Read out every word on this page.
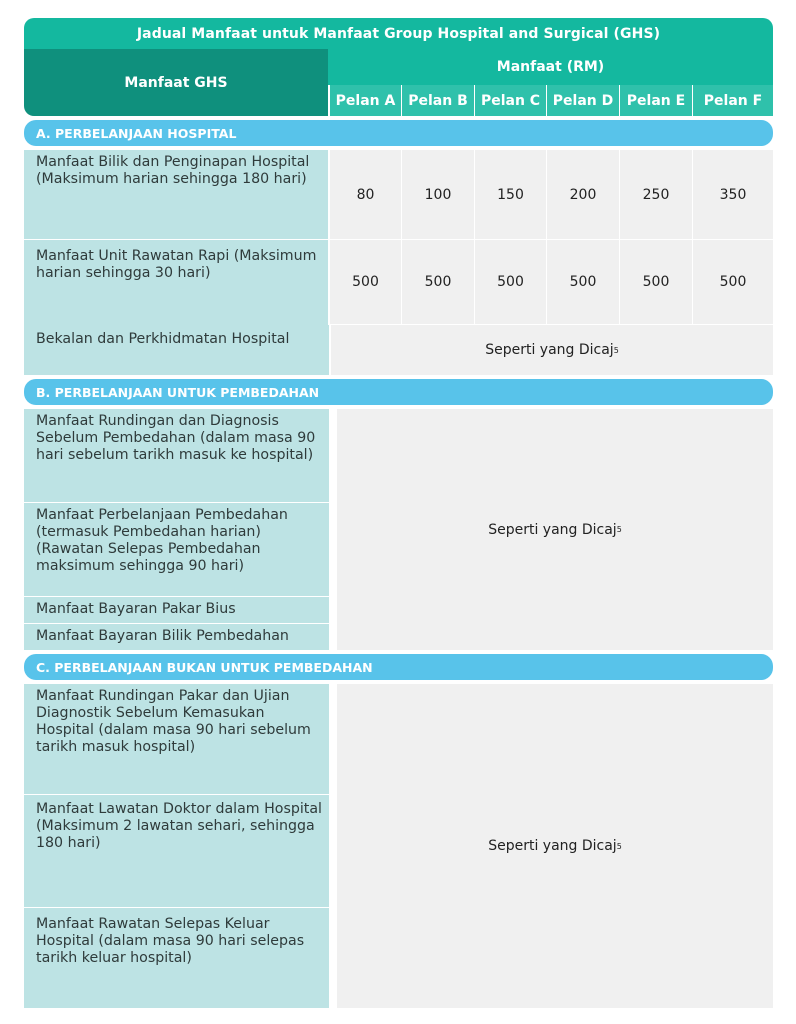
Jadual Manfaat untuk Manfaat Group Hospital and Surgical (GHS)
Manfaat GHS
Manfaat (RM)
Pelan A Pelan B Pelan C Pelan D Pelan E	Pelan F
A. PERBELANJAAN HOSPITAL
Manfaat Bilik dan Penginapan Hospital (Maksimum harian sehingga 180 hari)
80	100	150	200	250	350
Manfaat Unit Rawatan Rapi (Maksimum harian sehingga 30 hari)
500	500	500	500	500	500
Bekalan dan Perkhidmatan Hospital
Seperti yang Dicaj 5
B. PERBELANJAAN UNTUK PEMBEDAHAN
Manfaat Rundingan dan Diagnosis Sebelum Pembedahan (dalam masa 90 hari sebelum tarikh masuk ke hospital)
Manfaat Perbelanjaan Pembedahan (termasuk Pembedahan harian) (Rawatan Selepas Pembedahan maksimum sehingga 90 hari)
Manfaat Bayaran Pakar Bius
Manfaat Bayaran Bilik Pembedahan
Seperti yang Dicaj 5
C. PERBELANJAAN BUKAN UNTUK PEMBEDAHAN
Manfaat Rundingan Pakar dan Ujian Diagnostik Sebelum Kemasukan Hospital (dalam masa 90 hari sebelum tarikh masuk hospital)
Manfaat Lawatan Doktor dalam Hospital (Maksimum 2 lawatan sehari, sehingga 180 hari)
Manfaat Rawatan Selepas Keluar Hospital (dalam masa 90 hari selepas tarikh keluar hospital)
Seperti yang Dicaj 5
